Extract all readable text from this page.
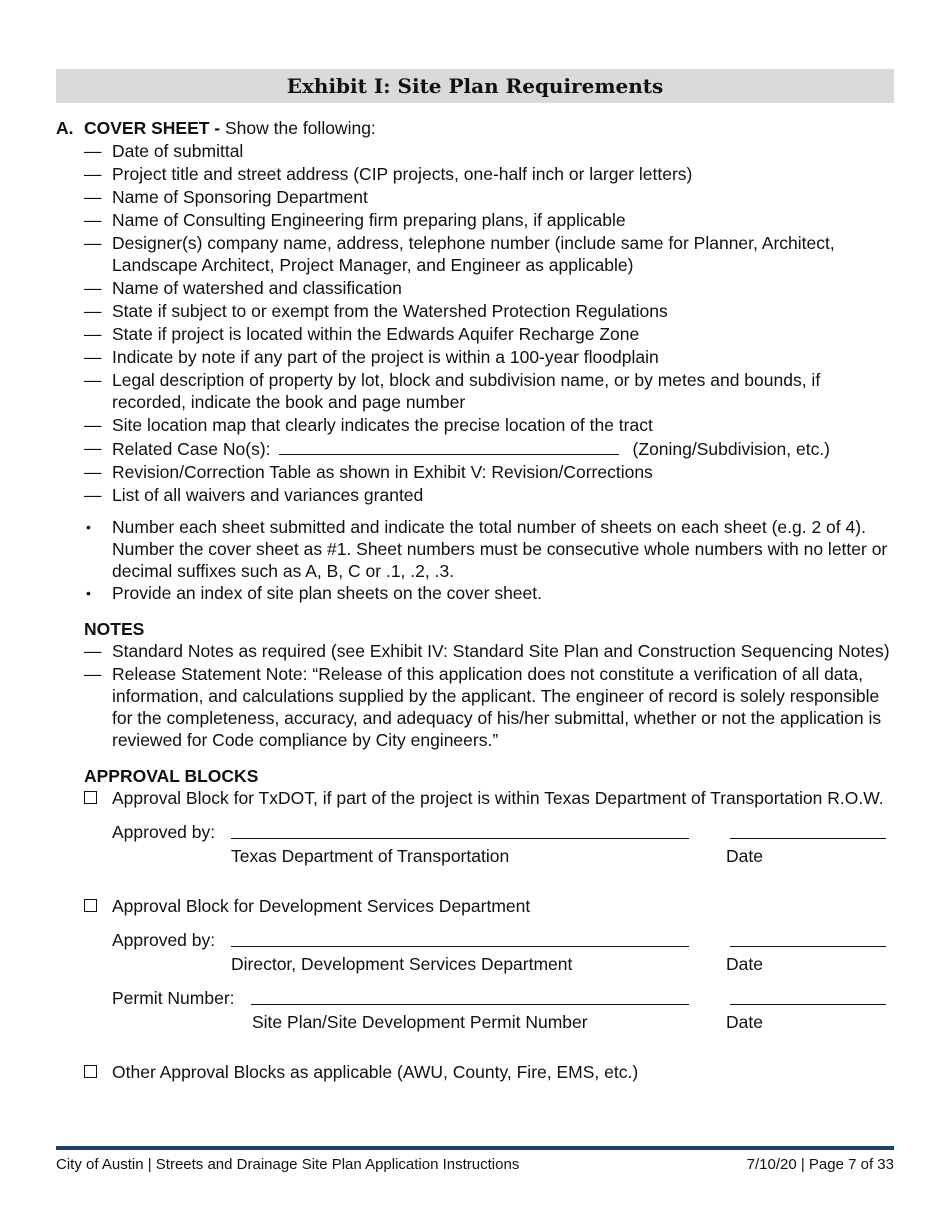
Exhibit I: Site Plan Requirements
A. COVER SHEET - Show the following:
— Date of submittal
— Project title and street address (CIP projects, one-half inch or larger letters)
— Name of Sponsoring Department
— Name of Consulting Engineering firm preparing plans, if applicable
— Designer(s) company name, address, telephone number (include same for Planner, Architect, Landscape Architect, Project Manager, and Engineer as applicable)
— Name of watershed and classification
— State if subject to or exempt from the Watershed Protection Regulations
— State if project is located within the Edwards Aquifer Recharge Zone
— Indicate by note if any part of the project is within a 100-year floodplain
— Legal description of property by lot, block and subdivision name, or by metes and bounds, if recorded, indicate the book and page number
— Site location map that clearly indicates the precise location of the tract
— Related Case No(s):	(Zoning/Subdivision, etc.)
— Revision/Correction Table as shown in Exhibit V: Revision/Corrections
— List of all waivers and variances granted
• Number each sheet submitted and indicate the total number of sheets on each sheet (e.g. 2 of 4). Number the cover sheet as #1. Sheet numbers must be consecutive whole numbers with no letter or decimal suffixes such as A, B, C or .1, .2, .3.
• Provide an index of site plan sheets on the cover sheet.
NOTES
— Standard Notes as required (see Exhibit IV: Standard Site Plan and Construction Sequencing Notes)
— Release Statement Note: “Release of this application does not constitute a verification of all data, information, and calculations supplied by the applicant. The engineer of record is solely responsible for the completeness, accuracy, and adequacy of his/her submittal, whether or not the application is reviewed for Code compliance by City engineers.”
APPROVAL BLOCKS
Approval Block for TxDOT, if part of the project is within Texas Department of Transportation R.O.W.
Approved by:
Texas Department of Transportation	Date
Approval Block for Development Services Department
Approved by:
Director, Development Services Department	Date
Permit Number:
Site Plan/Site Development Permit Number	Date
Other Approval Blocks as applicable (AWU, County, Fire, EMS, etc.)
City of Austin | Streets and Drainage Site Plan Application Instructions	7/10/20 | Page 7 of 33
